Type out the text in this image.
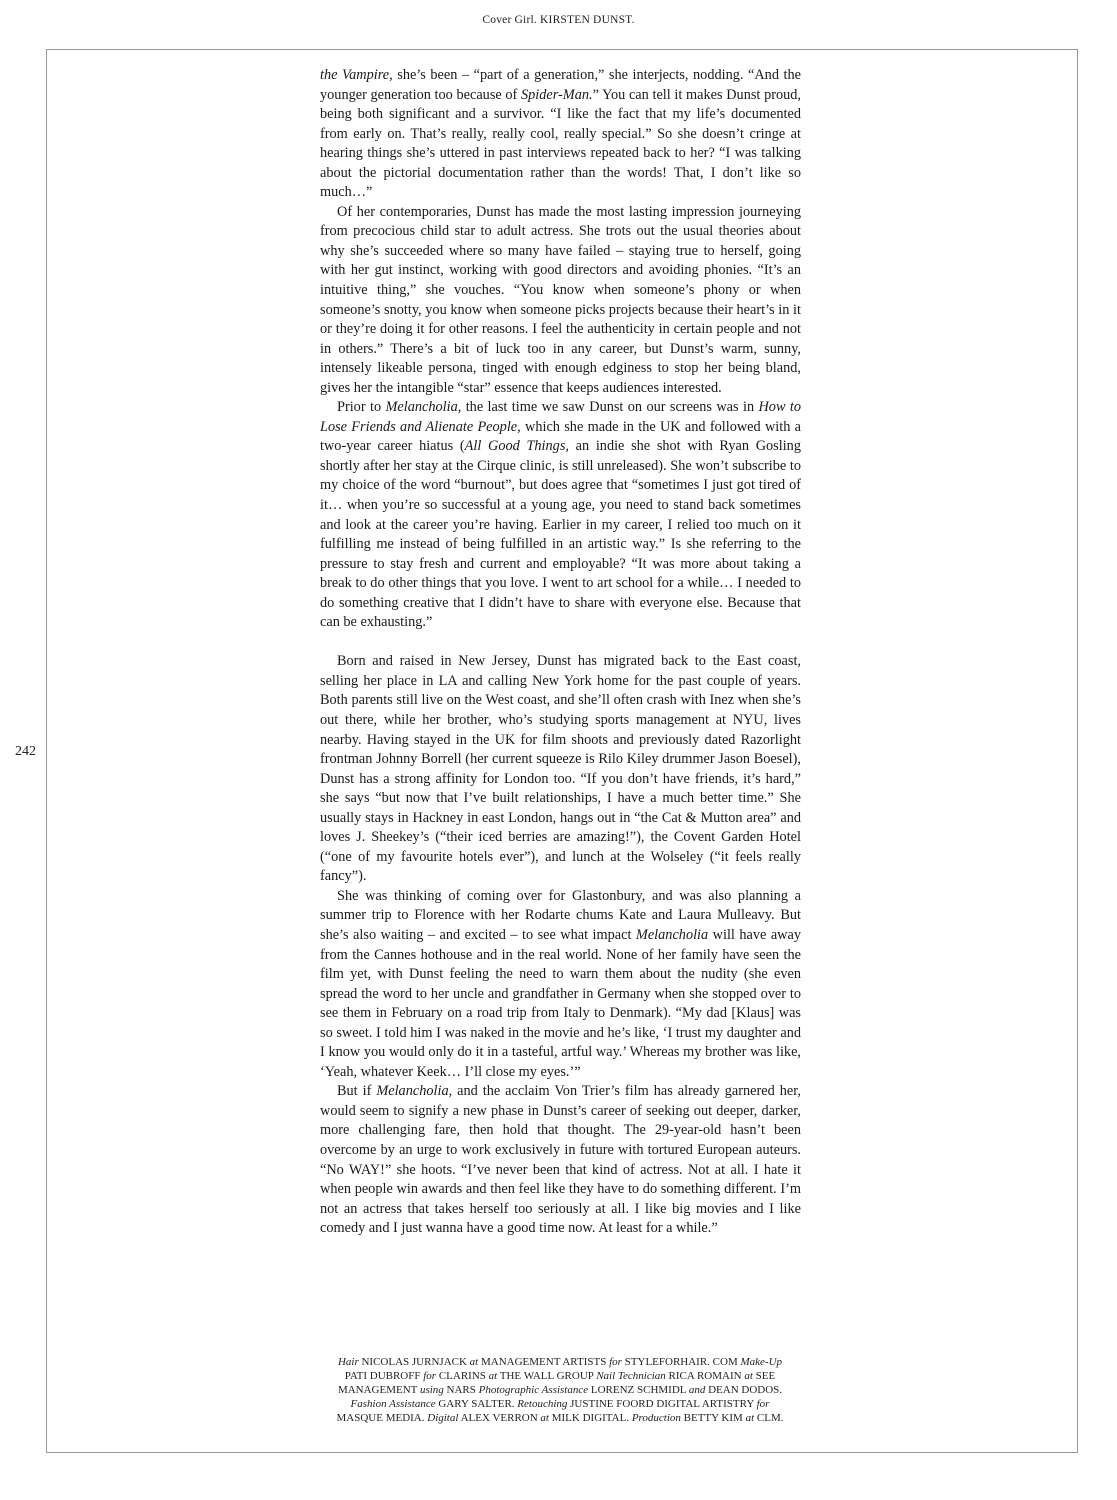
Cover Girl. KIRSTEN DUNST.
242

the Vampire, she’s been – “part of a generation,” she interjects, nodding. “And the younger generation too because of Spider-Man.” You can tell it makes Dunst proud, being both significant and a survivor. “I like the fact that my life’s documented from early on. That’s really, really cool, really special.” So she doesn’t cringe at hearing things she’s uttered in past interviews repeated back to her? “I was talking about the pictorial documentation rather than the words! That, I don’t like so much…”

Of her contemporaries, Dunst has made the most lasting impression journeying from precocious child star to adult actress. She trots out the usual theories about why she’s succeeded where so many have failed – staying true to herself, going with her gut instinct, working with good directors and avoiding phonies. “It’s an intuitive thing,” she vouches. “You know when someone’s phony or when someone’s snotty, you know when someone picks projects because their heart’s in it or they’re doing it for other reasons. I feel the authenticity in certain people and not in others.” There’s a bit of luck too in any career, but Dunst’s warm, sunny, intensely likeable persona, tinged with enough edginess to stop her being bland, gives her the intangible “star” essence that keeps audiences interested.

Prior to Melancholia, the last time we saw Dunst on our screens was in How to Lose Friends and Alienate People, which she made in the UK and followed with a two-year career hiatus (All Good Things, an indie she shot with Ryan Gosling shortly after her stay at the Cirque clinic, is still unreleased). She won’t subscribe to my choice of the word “burnout”, but does agree that “sometimes I just got tired of it… when you’re so successful at a young age, you need to stand back sometimes and look at the career you’re having. Earlier in my career, I relied too much on it fulfilling me instead of being fulfilled in an artistic way.” Is she referring to the pressure to stay fresh and current and employable? “It was more about taking a break to do other things that you love. I went to art school for a while… I needed to do something creative that I didn’t have to share with everyone else. Because that can be exhausting.”

Born and raised in New Jersey, Dunst has migrated back to the East coast, selling her place in LA and calling New York home for the past couple of years. Both parents still live on the West coast, and she’ll often crash with Inez when she’s out there, while her brother, who’s studying sports management at NYU, lives nearby. Having stayed in the UK for film shoots and previously dated Razorlight frontman Johnny Borrell (her current squeeze is Rilo Kiley drummer Jason Boesel), Dunst has a strong affinity for London too. “If you don’t have friends, it’s hard,” she says “but now that I’ve built relationships, I have a much better time.” She usually stays in Hackney in east London, hangs out in “the Cat & Mutton area” and loves J. Sheekey’s (“their iced berries are amazing!”), the Covent Garden Hotel (“one of my favourite hotels ever”), and lunch at the Wolseley (“it feels really fancy”).

She was thinking of coming over for Glastonbury, and was also planning a summer trip to Florence with her Rodarte chums Kate and Laura Mulleavy. But she’s also waiting – and excited – to see what impact Melancholia will have away from the Cannes hothouse and in the real world. None of her family have seen the film yet, with Dunst feeling the need to warn them about the nudity (she even spread the word to her uncle and grandfather in Germany when she stopped over to see them in February on a road trip from Italy to Denmark). “My dad [Klaus] was so sweet. I told him I was naked in the movie and he’s like, ‘I trust my daughter and I know you would only do it in a tasteful, artful way.’ Whereas my brother was like, ‘Yeah, whatever Keek… I’ll close my eyes.’”

But if Melancholia, and the acclaim Von Trier’s film has already garnered her, would seem to signify a new phase in Dunst’s career of seeking out deeper, darker, more challenging fare, then hold that thought. The 29-year-old hasn’t been overcome by an urge to work exclusively in future with tortured European auteurs. “No WAY!” she hoots. “I’ve never been that kind of actress. Not at all. I hate it when people win awards and then feel like they have to do something different. I’m not an actress that takes herself too seriously at all. I like big movies and I like comedy and I just wanna have a good time now. At least for a while.”

Hair NICOLAS JURNJACK at MANAGEMENT ARTISTS for STYLEFORHAIR. COM Make-Up PATI DUBROFF for CLARINS at THE WALL GROUP Nail Technician RICA ROMAIN at SEE MANAGEMENT using NARS Photographic Assistance LORENZ SCHMIDL and DEAN DODOS. Fashion Assistance GARY SALTER. Retouching JUSTINE FOORD DIGITAL ARTISTRY for MASQUE MEDIA. Digital ALEX VERRON at MILK DIGITAL. Production BETTY KIM at CLM.
